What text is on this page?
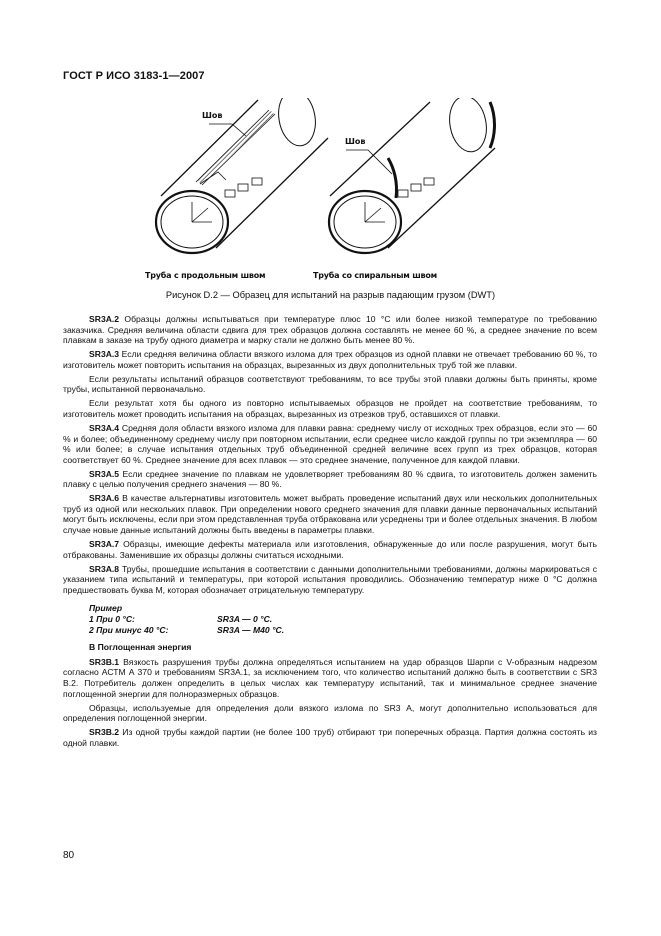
ГОСТ Р ИСО 3183-1—2007
Шов
Шов
Труба с продольным швом	Труба со спиральным швом
Рисунок D.2 — Образец для испытаний на разрыв падающим грузом (DWT)

SR3A.2 Образцы должны испытываться при температуре плюс 10 °С или более низкой температуре по требованию заказчика. Средняя величина области сдвига для трех образцов должна составлять не менее 60 %, а среднее значение по всем плавкам в заказе на трубу одного диаметра и марку стали не должно быть менее 80 %.

SR3A.3 Если средняя величина области вязкого излома для трех образцов из одной плавки не отвечает требованию 60 %, то изготовитель может повторить испытания на образцах, вырезанных из двух дополнительных труб той же плавки.

Если результаты испытаний образцов соответствуют требованиям, то все трубы этой плавки должны быть приняты, кроме трубы, испытанной первоначально.

Если результат хотя бы одного из повторно испытываемых образцов не пройдет на соответствие требованиям, то изготовитель может проводить испытания на образцах, вырезанных из отрезков труб, оставшихся от плавки.

SR3A.4 Средняя доля области вязкого излома для плавки равна: среднему числу от исходных трех образцов, если это — 60 % и более; объединенному среднему числу при повторном испытании, если среднее число каждой группы по три экземпляра — 60 % или более; в случае испытания отдельных труб объединенной средней величине всех групп из трех образцов, которая соответствует 60 %. Среднее значение для всех плавок — это среднее значение, полученное для каждой плавки.

SR3A.5 Если среднее значение по плавкам не удовлетворяет требованиям 80 % сдвига, то изготовитель должен заменить плавку с целью получения среднего значения — 80 %.

SR3A.6 В качестве альтернативы изготовитель может выбрать проведение испытаний двух или нескольких дополнительных труб из одной или нескольких плавок. При определении нового среднего значения для плавки данные первоначальных испытаний могут быть исключены, если при этом представленная труба отбракована или усреднены три и более отдельных значения. В любом случае новые данные испытаний должны быть введены в параметры плавки.

SR3A.7 Образцы, имеющие дефекты материала или изготовления, обнаруженные до или после разрушения, могут быть отбракованы. Заменившие их образцы должны считаться исходными.

SR3A.8 Трубы, прошедшие испытания в соответствии с данными дополнительными требованиями, должны маркироваться с указанием типа испытаний и температуры, при которой испытания проводились. Обозначению температур ниже 0 °С должна предшествовать буква М, которая обозначает отрицательную температуру.

Пример
1 При 0 °С:	SR3A — 0 °С.
2 При минус 40 °С:	SR3A — М40 °С.
В Поглощенная энергия

SR3B.1 Вязкость разрушения трубы должна определяться испытанием на удар образцов Шарпи с V-образным надрезом согласно АСТМ А 370 и требованиям SR3A.1, за исключением того, что количество испытаний должно быть в соответствии с SR3 В.2. Потребитель должен определить в целых числах как температуру испытаний, так и минимальное среднее значение поглощенной энергии для полноразмерных образцов.

Образцы, используемые для определения доли вязкого излома по SR3 А, могут дополнительно использоваться для определения поглощенной энергии.

SR3B.2 Из одной трубы каждой партии (не более 100 труб) отбирают три поперечных образца. Партия должна состоять из одной плавки.

80
